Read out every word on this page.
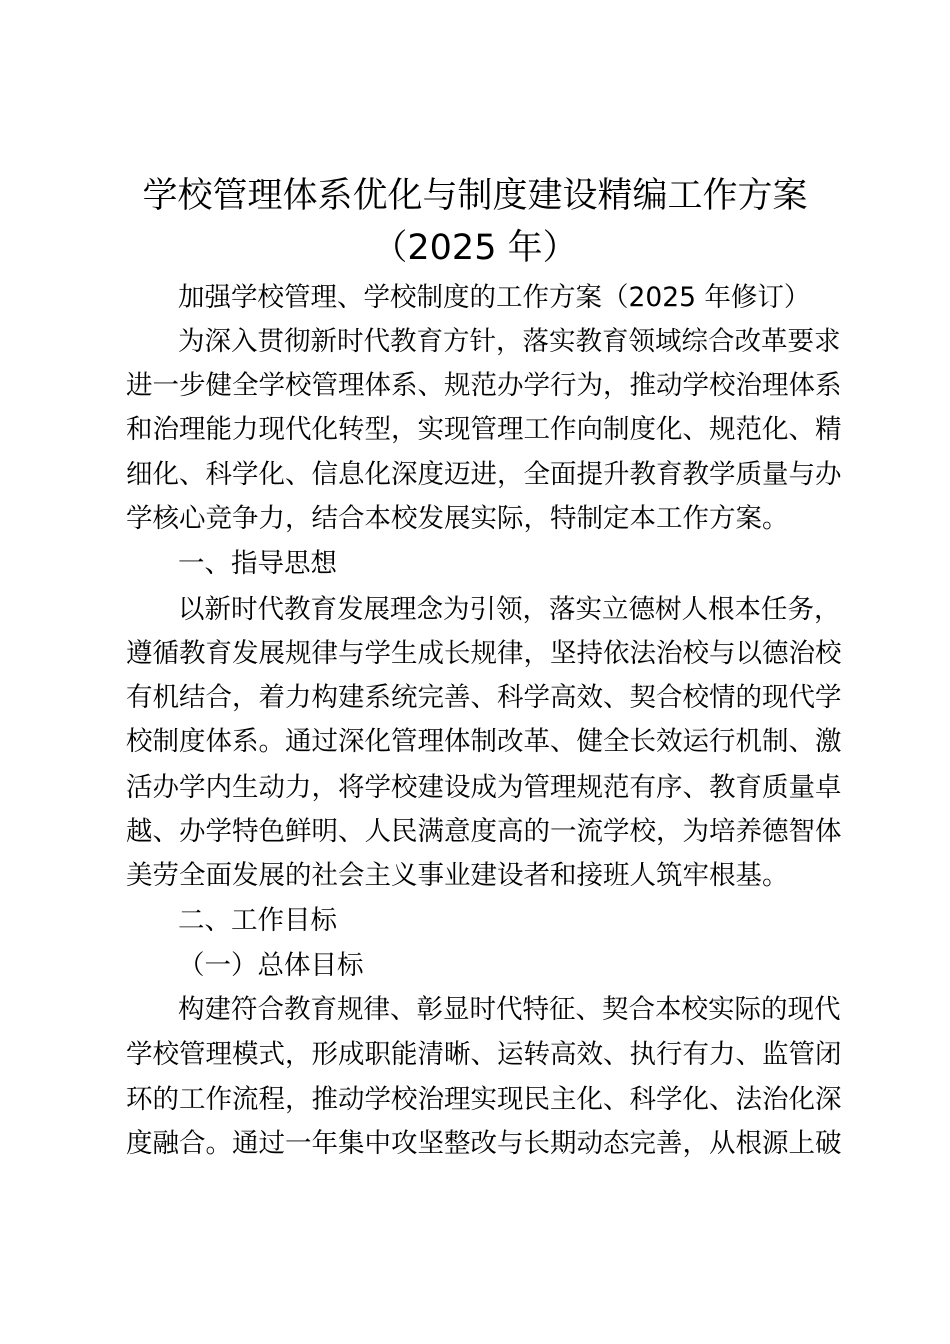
学校管理体系优化与制度建设精编工作方案
（2025 年）
加强学校管理、学校制度的工作方案（2025 年修订）
为深入贯彻新时代教育方针，落实教育领域综合改革要求
进一步健全学校管理体系、规范办学行为，推动学校治理体系
和治理能力现代化转型，实现管理工作向制度化、规范化、精
细化、科学化、信息化深度迈进，全面提升教育教学质量与办
学核心竞争力，结合本校发展实际，特制定本工作方案。
一、指导思想
以新时代教育发展理念为引领，落实立德树人根本任务，
遵循教育发展规律与学生成长规律，坚持依法治校与以德治校
有机结合，着力构建系统完善、科学高效、契合校情的现代学
校制度体系。通过深化管理体制改革、健全长效运行机制、激
活办学内生动力，将学校建设成为管理规范有序、教育质量卓
越、办学特色鲜明、人民满意度高的一流学校，为培养德智体
美劳全面发展的社会主义事业建设者和接班人筑牢根基。
二、工作目标
（一）总体目标
构建符合教育规律、彰显时代特征、契合本校实际的现代
学校管理模式，形成职能清晰、运转高效、执行有力、监管闭
环的工作流程，推动学校治理实现民主化、科学化、法治化深
度融合。通过一年集中攻坚整改与长期动态完善，从根源上破
